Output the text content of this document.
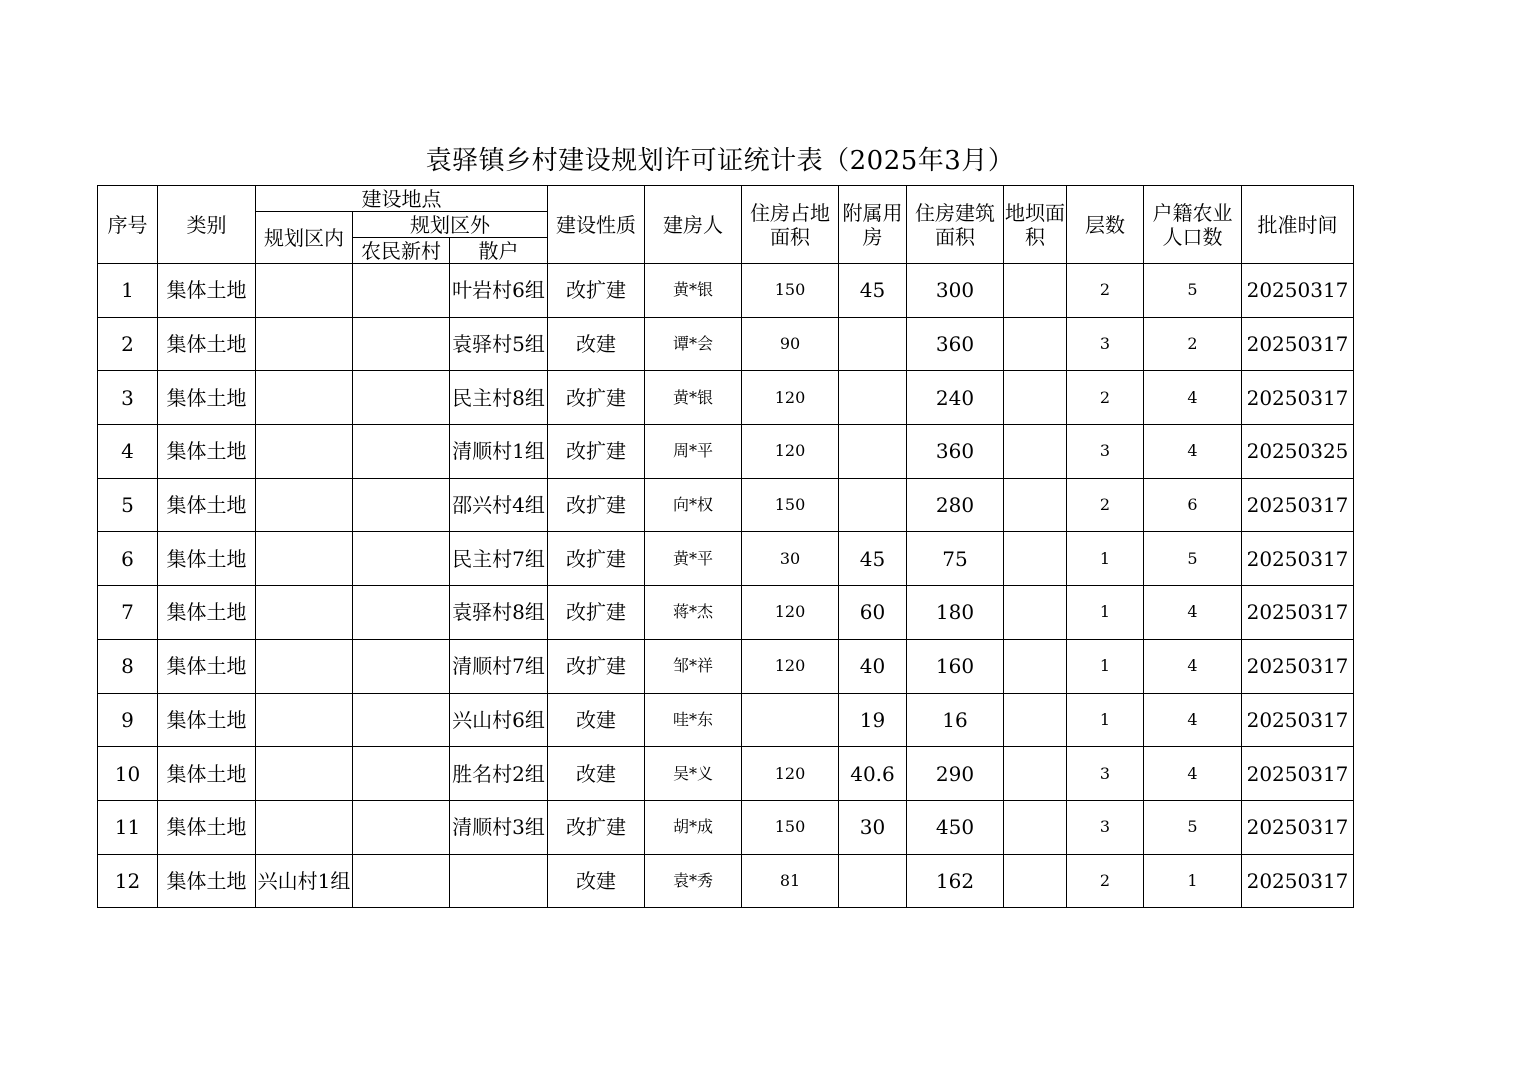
袁驿镇乡村建设规划许可证统计表（2025年3月）
序号	类别	建设地点			建设性质	建房人	住房占地面积	附属用房	住房建筑面积	地坝面积	层数	户籍农业人口数	批准时间
		规划区内	规划区外										
			农民新村	散户									
1	集体土地			叶岩村6组	改扩建	黄*银	150	45	300		2	5	20250317
2	集体土地			袁驿村5组	改建	谭*会	90		360		3	2	20250317
3	集体土地			民主村8组	改扩建	黄*银	120		240		2	4	20250317
4	集体土地			清顺村1组	改扩建	周*平	120		360		3	4	20250325
5	集体土地			邵兴村4组	改扩建	向*权	150		280		2	6	20250317
6	集体土地			民主村7组	改扩建	黄*平	30	45	75		1	5	20250317
7	集体土地			袁驿村8组	改扩建	蒋*杰	120	60	180		1	4	20250317
8	集体土地			清顺村7组	改扩建	邹*祥	120	40	160		1	4	20250317
9	集体土地			兴山村6组	改建	哇*东		19	16		1	4	20250317
10	集体土地			胜名村2组	改建	吴*义	120	40.6	290		3	4	20250317
11	集体土地			清顺村3组	改扩建	胡*成	150	30	450		3	5	20250317
12	集体土地	兴山村1组			改建	袁*秀	81		162		2	1	20250317
